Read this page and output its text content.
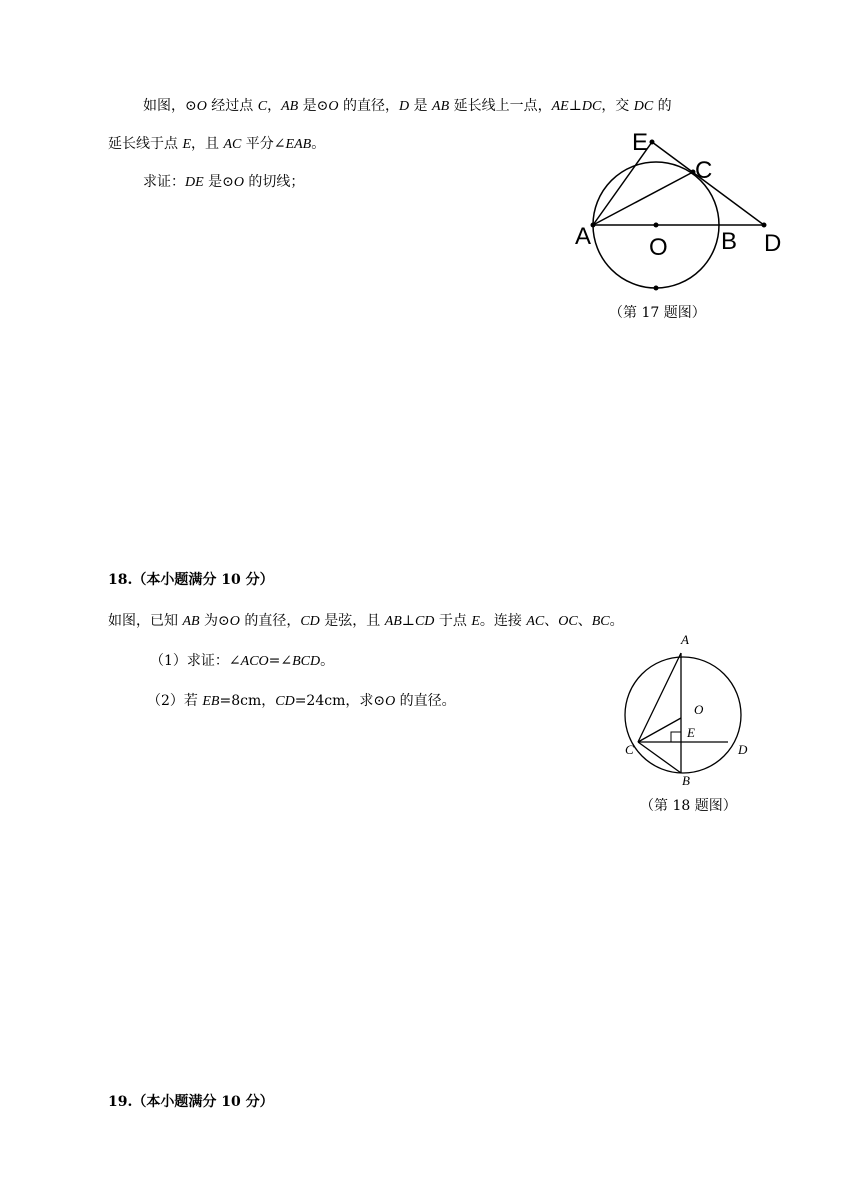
如图，⊙O 经过点 C，AB 是⊙O 的直径，D 是 AB 延长线上一点，AE⊥DC，交 DC 的
延长线于点 E，且 AC 平分∠EAB。
求证：DE 是⊙O 的切线；
E
C
A O B D
（第 17 题图）
18.（本小题满分 10 分）
如图，已知 AB 为⊙O 的直径，CD 是弦，且 AB⊥CD 于点 E。连接 AC、OC、BC。
（1）求证：∠ACO=∠BCD。
（2）若 EB=8cm，CD=24cm，求⊙O 的直径。
A
O
E
C	D
B
（第 18 题图）
19.（本小题满分 10 分）
